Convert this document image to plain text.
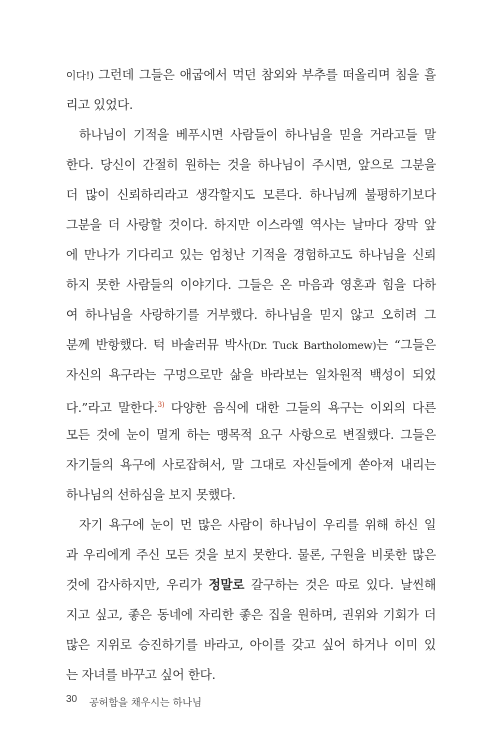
이다!) 그런데 그들은 애굽에서 먹던 참외와 부추를 떠올리며 침을 흘
리고 있었다.
하나님이 기적을 베푸시면 사람들이 하나님을 믿을 거라고들 말
한다. 당신이 간절히 원하는 것을 하나님이 주시면, 앞으로 그분을
더 많이 신뢰하리라고 생각할지도 모른다. 하나님께 불평하기보다
그분을 더 사랑할 것이다. 하지만 이스라엘 역사는 날마다 장막 앞
에 만나가 기다리고 있는 엄청난 기적을 경험하고도 하나님을 신뢰
하지 못한 사람들의 이야기다. 그들은 온 마음과 영혼과 힘을 다하
여 하나님을 사랑하기를 거부했다. 하나님을 믿지 않고 오히려 그
분께 반항했다. 턱 바솔러뮤 박사(Dr. Tuck Bartholomew)는 “그들은
자신의 욕구라는 구멍으로만 삶을 바라보는 일차원적 백성이 되었
다.”라고 말한다.$^{3)}$ 다양한 음식에 대한 그들의 욕구는 이외의 다른
모든 것에 눈이 멀게 하는 맹목적 요구 사항으로 변질했다. 그들은
자기들의 욕구에 사로잡혀서, 말 그대로 자신들에게 쏟아져 내리는
하나님의 선하심을 보지 못했다.
자기 욕구에 눈이 먼 많은 사람이 하나님이 우리를 위해 하신 일
과 우리에게 주신 모든 것을 보지 못한다. 물론, 구원을 비롯한 많은
것에 감사하지만, 우리가 정말로 갈구하는 것은 따로 있다. 날씬해
지고 싶고, 좋은 동네에 자리한 좋은 집을 원하며, 권위와 기회가 더
많은 지위로 승진하기를 바라고, 아이를 갖고 싶어 하거나 이미 있
는 자녀를 바꾸고 싶어 한다.
30 공허함을 채우시는 하나님
